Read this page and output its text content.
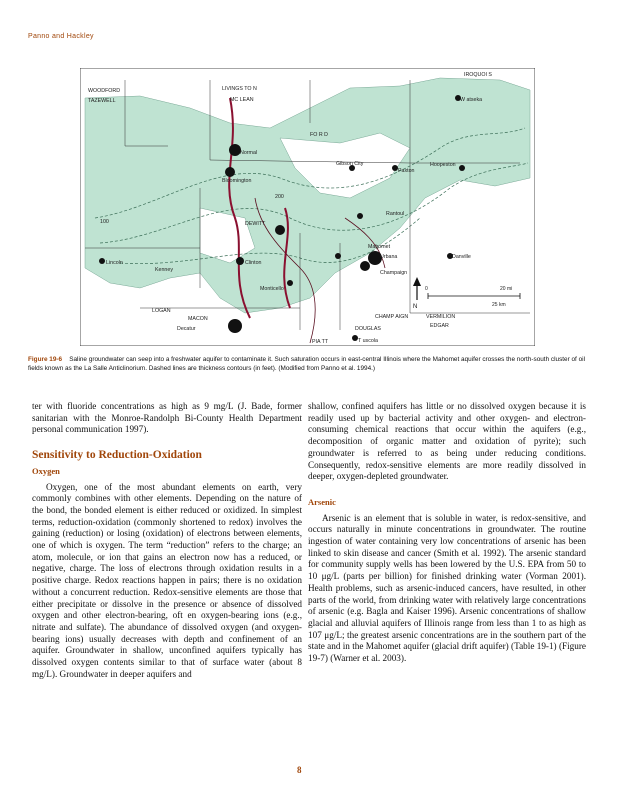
Panno and Hackley
WOODFORD
TAZEWELL
LIVINGS TO N
MC LEAN
IROQUOI S
W atseka
FO R D
Normal
Bloomington
Gibson City
Paxton
Hoopeston
Rantoul
Mahomet
Urbana
Champaign
Danville
DEWITT
Clinton
Lincoln
Kenney
LOGAN
MACON
Monticello
Decatur
CHAMP AIGN	VERMILION
DOUGLAS	EDGAR
PIA TT	T uscola
100
200
N
0	20 mi
25 km
Figure 19-6 Saline groundwater can seep into a freshwater aquifer to contaminate it. Such saturation occurs in east-central Illinois where the Mahomet aquifer crosses the north-south cluster of oil fields known as the La Salle Anticlinorium. Dashed lines are thickness contours (in feet). (Modified from Panno et al. 1994.)

ter with fluoride concentrations as high as 9 mg/L (J. Bade, former sanitarian with the Monroe-Randolph Bi-County Health Department personal communication 1997).

Sensitivity to Reduction-Oxidation
Oxygen

Oxygen, one of the most abundant elements on earth, very commonly combines with other elements. Depending on the nature of the bond, the bonded element is either reduced or oxidized. In simplest terms, reduction-oxidation (commonly shortened to redox) involves the gaining (reduction) or losing (oxidation) of electrons between elements, one of which is oxygen. The term “reduction” refers to the charge; an atom, molecule, or ion that gains an electron now has a reduced, or negative, charge. The loss of electrons through oxidation results in a positive charge. Redox reactions happen in pairs; there is no oxidation without a concurrent reduction. Redox-sensitive elements are those that either precipitate or dissolve in the presence or absence of dissolved oxygen and other electron-bearing, oft en oxygen-bearing ions (e.g., nitrate and sulfate). The abundance of dissolved oxygen (and oxygen-bearing ions) usually decreases with depth and confinement of an aquifer. Groundwater in shallow, unconfined aquifers typically has dissolved oxygen contents similar to that of surface water (about 8 mg/L). Groundwater in deeper aquifers and

shallow, confined aquifers has little or no dissolved oxygen because it is readily used up by bacterial activity and other oxygen- and electron-consuming chemical reactions that occur within the aquifers (e.g., decomposition of organic matter and oxidation of pyrite); such groundwater is referred to as being under reducing conditions. Consequently, redox-sensitive elements are more readily dissolved in deeper, oxygen-depleted groundwater.

Arsenic

Arsenic is an element that is soluble in water, is redox-sensitive, and occurs naturally in minute concentrations in groundwater. The routine ingestion of water containing very low concentrations of arsenic has been linked to skin disease and cancer (Smith et al. 1992). The arsenic standard for community supply wells has been lowered by the U.S. EPA from 50 to 10 μg/L (parts per billion) for finished drinking water (Vorman 2001). Health problems, such as arsenic-induced cancers, have resulted, in other parts of the world, from drinking water with relatively large concentrations of arsenic (e.g. Bagla and Kaiser 1996). Arsenic concentrations of shallow glacial and alluvial aquifers of Illinois range from less than 1 to as high as 107 μg/L; the greatest arsenic concentrations are in the southern part of the state and in the Mahomet aquifer (glacial drift aquifer) (Table 19-1) (Figure 19-7) (Warner et al. 2003).

8
